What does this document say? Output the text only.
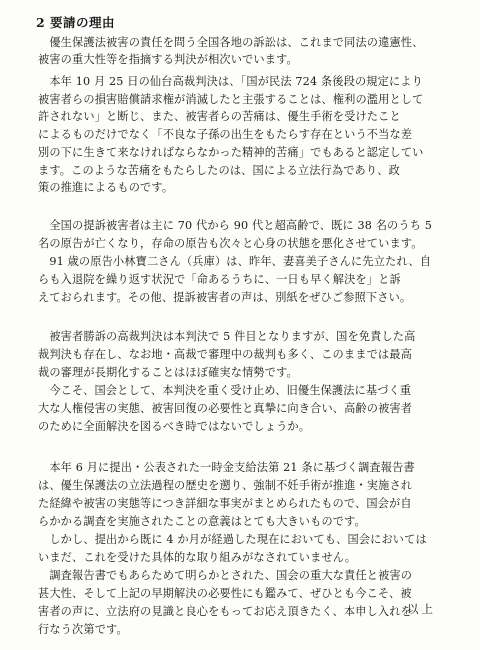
2 要請の理由
　優生保護法被害の責任を問う全国各地の訴訟は、これまで同法の違憲性、
被害の重大性等を指摘する判決が相次いでいます。
　本年 10 月 25 日の仙台高裁判決は、「国が民法 724 条後段の規定により
被害者らの損害賠償請求権が消滅したと主張することは、権利の濫用として
許されない」と断じ、また、被害者らの苦痛は、優生手術を受けたこと
によるものだけでなく「不良な子孫の出生をもたらす存在という不当な差
別の下に生きて来なければならなかった精神的苦痛」でもあると認定してい
ます。このような苦痛をもたらしたのは、国による立法行為であり、政
策の推進によるものです。
　全国の提訴被害者は主に 70 代から 90 代と超高齢で、既に 38 名のうち 5
名の原告が亡くなり，存命の原告も次々と心身の状態を悪化させています。
　91 歳の原告小林寶二さん（兵庫）は、昨年、妻喜美子さんに先立たれ、自
らも入退院を繰り返す状況で「命あるうちに、一日も早く解決を」と訴
えておられます。その他、提訴被害者の声は、別紙をぜひご参照下さい。
　被害者勝訴の高裁判決は本判決で 5 件目となりますが、国を免責した高
裁判決も存在し、なお地・高裁で審理中の裁判も多く、このままでは最高
裁の審理が長期化することはほぼ確実な情勢です。
　今こそ、国会として、本判決を重く受け止め、旧優生保護法に基づく重
大な人権侵害の実態、被害回復の必要性と真摯に向き合い、高齢の被害者
のために全面解決を図るべき時ではないでしょうか。
　本年 6 月に提出・公表された一時金支給法第 21 条に基づく調査報告書
は、優生保護法の立法過程の歴史を遡り、強制不妊手術が推進・実施され
た経緯や被害の実態等につき詳細な事実がまとめられたもので、国会が自
らかかる調査を実施されたことの意義はとても大きいものです。
　しかし、提出から既に 4 か月が経過した現在においても、国会においては
いまだ、これを受けた具体的な取り組みがなされていません。
　調査報告書でもあらためて明らかとされた、国会の重大な責任と被害の
甚大性、そして上記の早期解決の必要性にも鑑みて、ぜひとも今こそ、被
害者の声に、立法府の見識と良心をもってお応え頂きたく、本申し入れを
行なう次第です。
以上
